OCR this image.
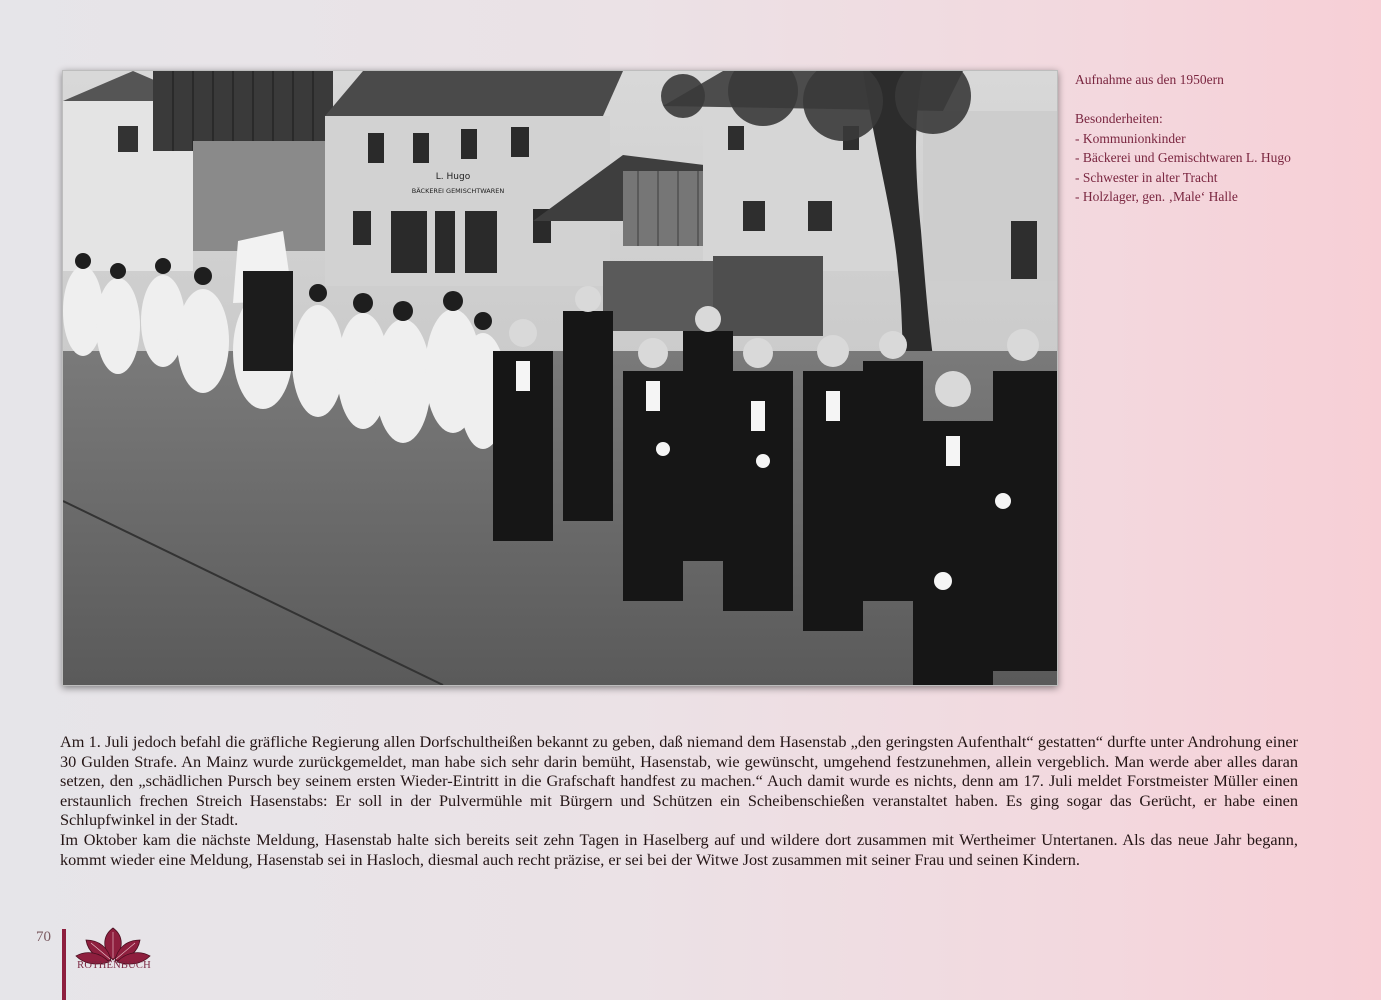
L. Hugo
BÄCKEREI GEMISCHTWAREN
Aufnahme aus den 1950ern
Besonderheiten:
- Kommunionkinder
- Bäckerei und Gemischtwaren L. Hugo
- Schwester in alter Tracht
- Holzlager, gen. ‚Male‘ Halle

Am 1. Juli jedoch befahl die gräfliche Regierung allen Dorfschultheißen bekannt zu geben, daß niemand dem Hasenstab „den geringsten Aufenthalt“ gestatten“ durfte unter Androhung einer 30 Gulden Strafe. An Mainz wurde zurückgemeldet, man habe sich sehr darin bemüht, Hasenstab, wie gewünscht, umgehend festzunehmen, allein vergeblich. Man werde aber alles daran setzen, den „schädlichen Pursch bey seinem ersten Wieder-Eintritt in die Grafschaft handfest zu machen.“ Auch damit wurde es nichts, denn am 17. Juli meldet Forstmeister Müller einen erstaunlich frechen Streich Hasenstabs: Er soll in der Pulvermühle mit Bürgern und Schützen ein Scheibenschießen veranstaltet haben. Es ging sogar das Gerücht, er habe einen Schlupfwinkel in der Stadt.

Im Oktober kam die nächste Meldung, Hasenstab halte sich bereits seit zehn Tagen in Haselberg auf und wildere dort zusammen mit Wertheimer Untertanen. Als das neue Jahr begann, kommt wieder eine Meldung, Hasenstab sei in Hasloch, diesmal auch recht präzise, er sei bei der Witwe Jost zusammen mit seiner Frau und seinen Kindern.

70
ROTHENBUCH
